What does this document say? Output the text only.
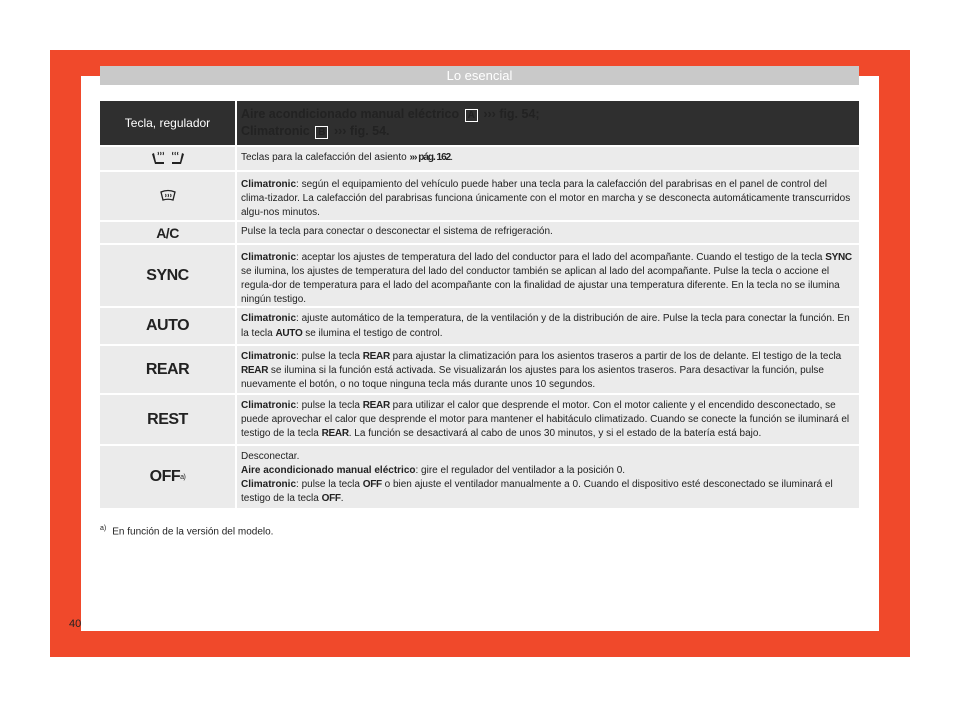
Lo esencial
Tecla, regulador
Aire acondicionado manual eléctrico A ››› fig. 54;
Climatronic B ››› fig. 54.
Teclas para la calefacción del asiento ››› pág. 162.
Climatronic: según el equipamiento del vehículo puede haber una tecla para la calefacción del parabrisas en el panel de control del clima-tizador. La calefacción del parabrisas funciona únicamente con el motor en marcha y se desconecta automáticamente transcurridos algu-nos minutos.
A/C	Pulse la tecla para conectar o desconectar el sistema de refrigeración.
SYNC
Climatronic: aceptar los ajustes de temperatura del lado del conductor para el lado del acompañante. Cuando el testigo de la tecla SYNC se ilumina, los ajustes de temperatura del lado del conductor también se aplican al lado del acompañante. Pulse la tecla o accione el regula-dor de temperatura para el lado del acompañante con la finalidad de ajustar una temperatura diferente. En la tecla no se ilumina ningún testigo.
AUTO	Climatronic: ajuste automático de la temperatura, de la ventilación y de la distribución de aire. Pulse la tecla para conectar la función. En la tecla AUTO se ilumina el testigo de control.
REAR
Climatronic: pulse la tecla REAR para ajustar la climatización para los asientos traseros a partir de los de delante. El testigo de la tecla REAR se ilumina si la función está activada. Se visualizarán los ajustes para los asientos traseros. Para desactivar la función, pulse nuevamente el botón, o no toque ninguna tecla más durante unos 10 segundos.
REST
Climatronic: pulse la tecla REAR para utilizar el calor que desprende el motor. Con el motor caliente y el encendido desconectado, se puede aprovechar el calor que desprende el motor para mantener el habitáculo climatizado. Cuando se conecte la función se iluminará el testigo de la tecla REAR. La función se desactivará al cabo de unos 30 minutos, y si el estado de la batería está bajo.
OFF a)
Desconectar.
Aire acondicionado manual eléctrico: gire el regulador del ventilador a la posición 0.
Climatronic: pulse la tecla OFF o bien ajuste el ventilador manualmente a 0. Cuando el dispositivo esté desconectado se iluminará el testigo de la tecla OFF.
$^{a)}$ En función de la versión del modelo.
40
